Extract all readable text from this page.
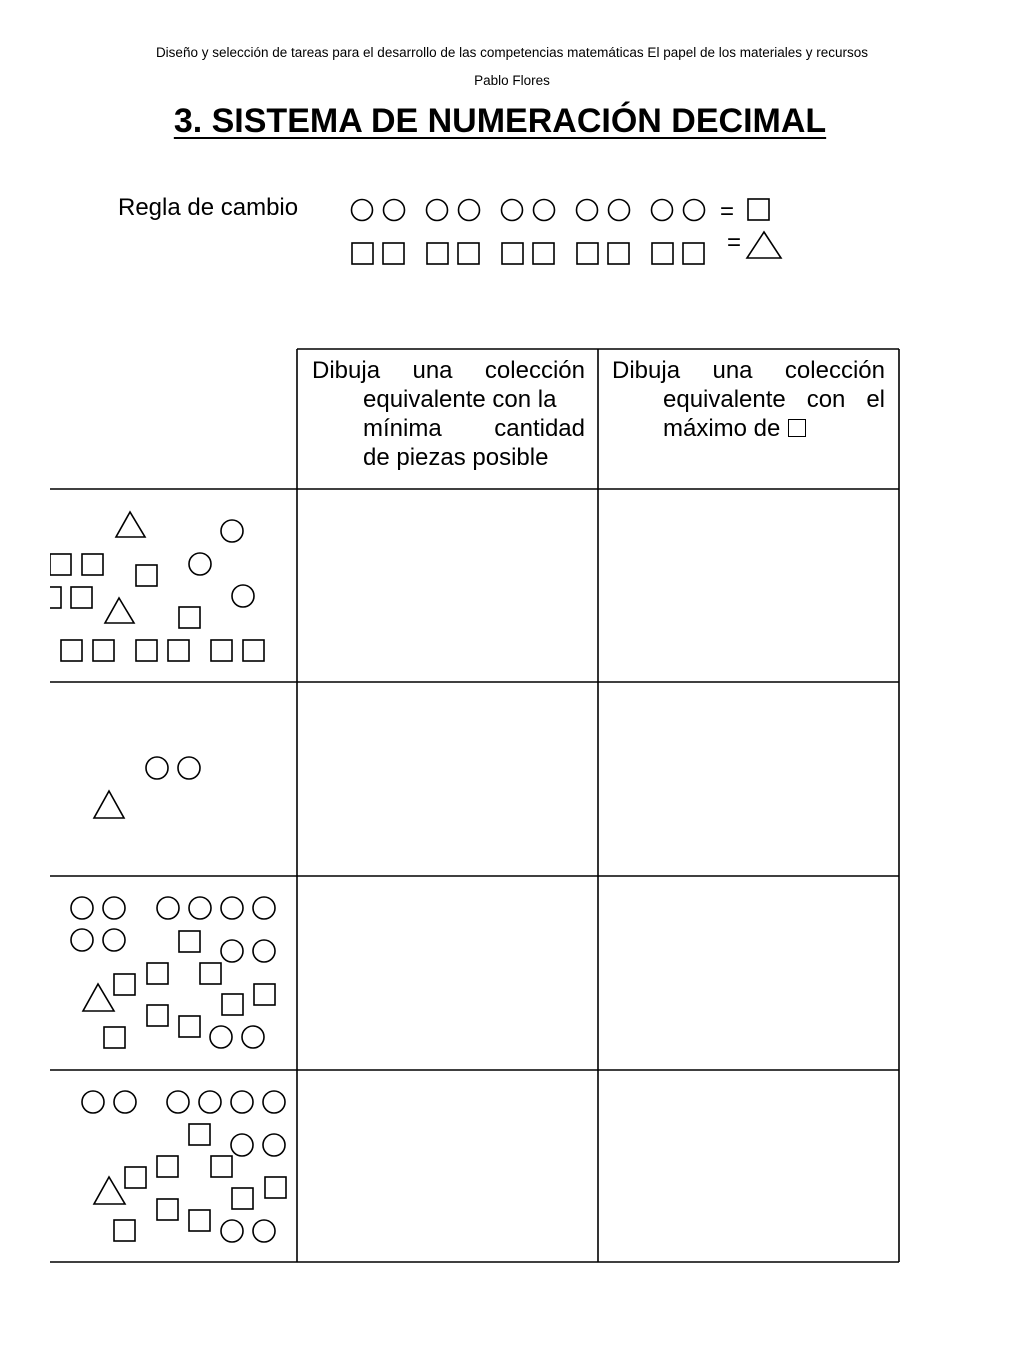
Diseño y selección de tareas para el desarrollo de las competencias matemáticas El papel de los materiales y recursos
Pablo Flores
3. SISTEMA DE NUMERACIÓN DECIMAL
Regla de cambio	=
=
Dibuja una colección
equivalente con la
mínima cantidad
de piezas posible
Dibuja una colección
equivalente con el
máximo de
